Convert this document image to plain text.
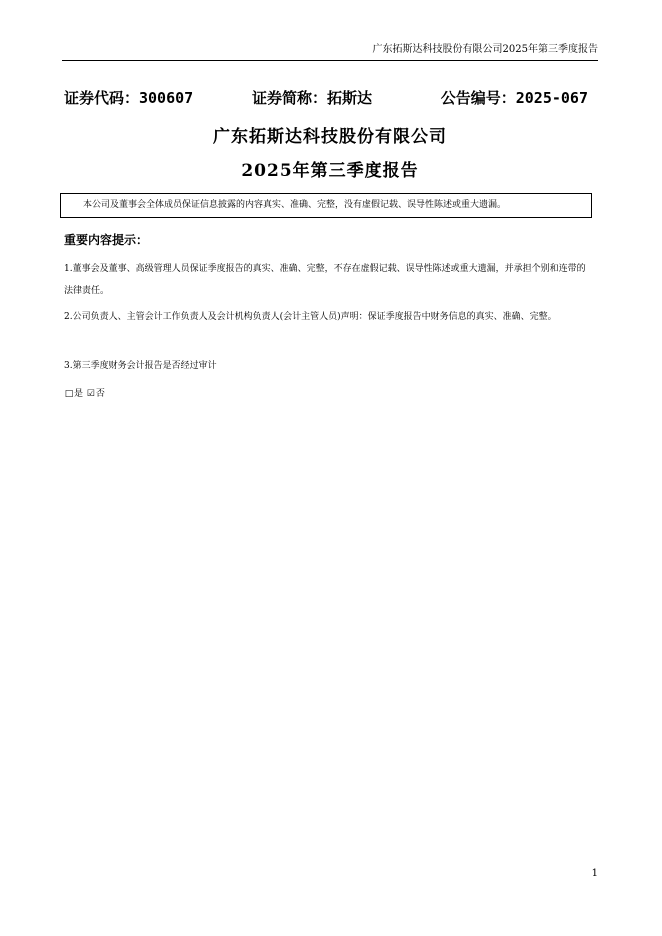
广东拓斯达科技股份有限公司2025年第三季度报告
证券代码：300607	证券简称：拓斯达	公告编号：2025-067
广东拓斯达科技股份有限公司
2025年第三季度报告
本公司及董事会全体成员保证信息披露的内容真实、准确、完整，没有虚假记载、误导性陈述或重大遗漏。
重要内容提示：
1.董事会及董事、高级管理人员保证季度报告的真实、准确、完整，不存在虚假记载、误导性陈述或重大遗漏，并承担个别和连带的法律责任。
2.公司负责人、主管会计工作负责人及会计机构负责人(会计主管人员)声明：保证季度报告中财务信息的真实、准确、完整。
3.第三季度财务会计报告是否经过审计
□是 ☑否
1
